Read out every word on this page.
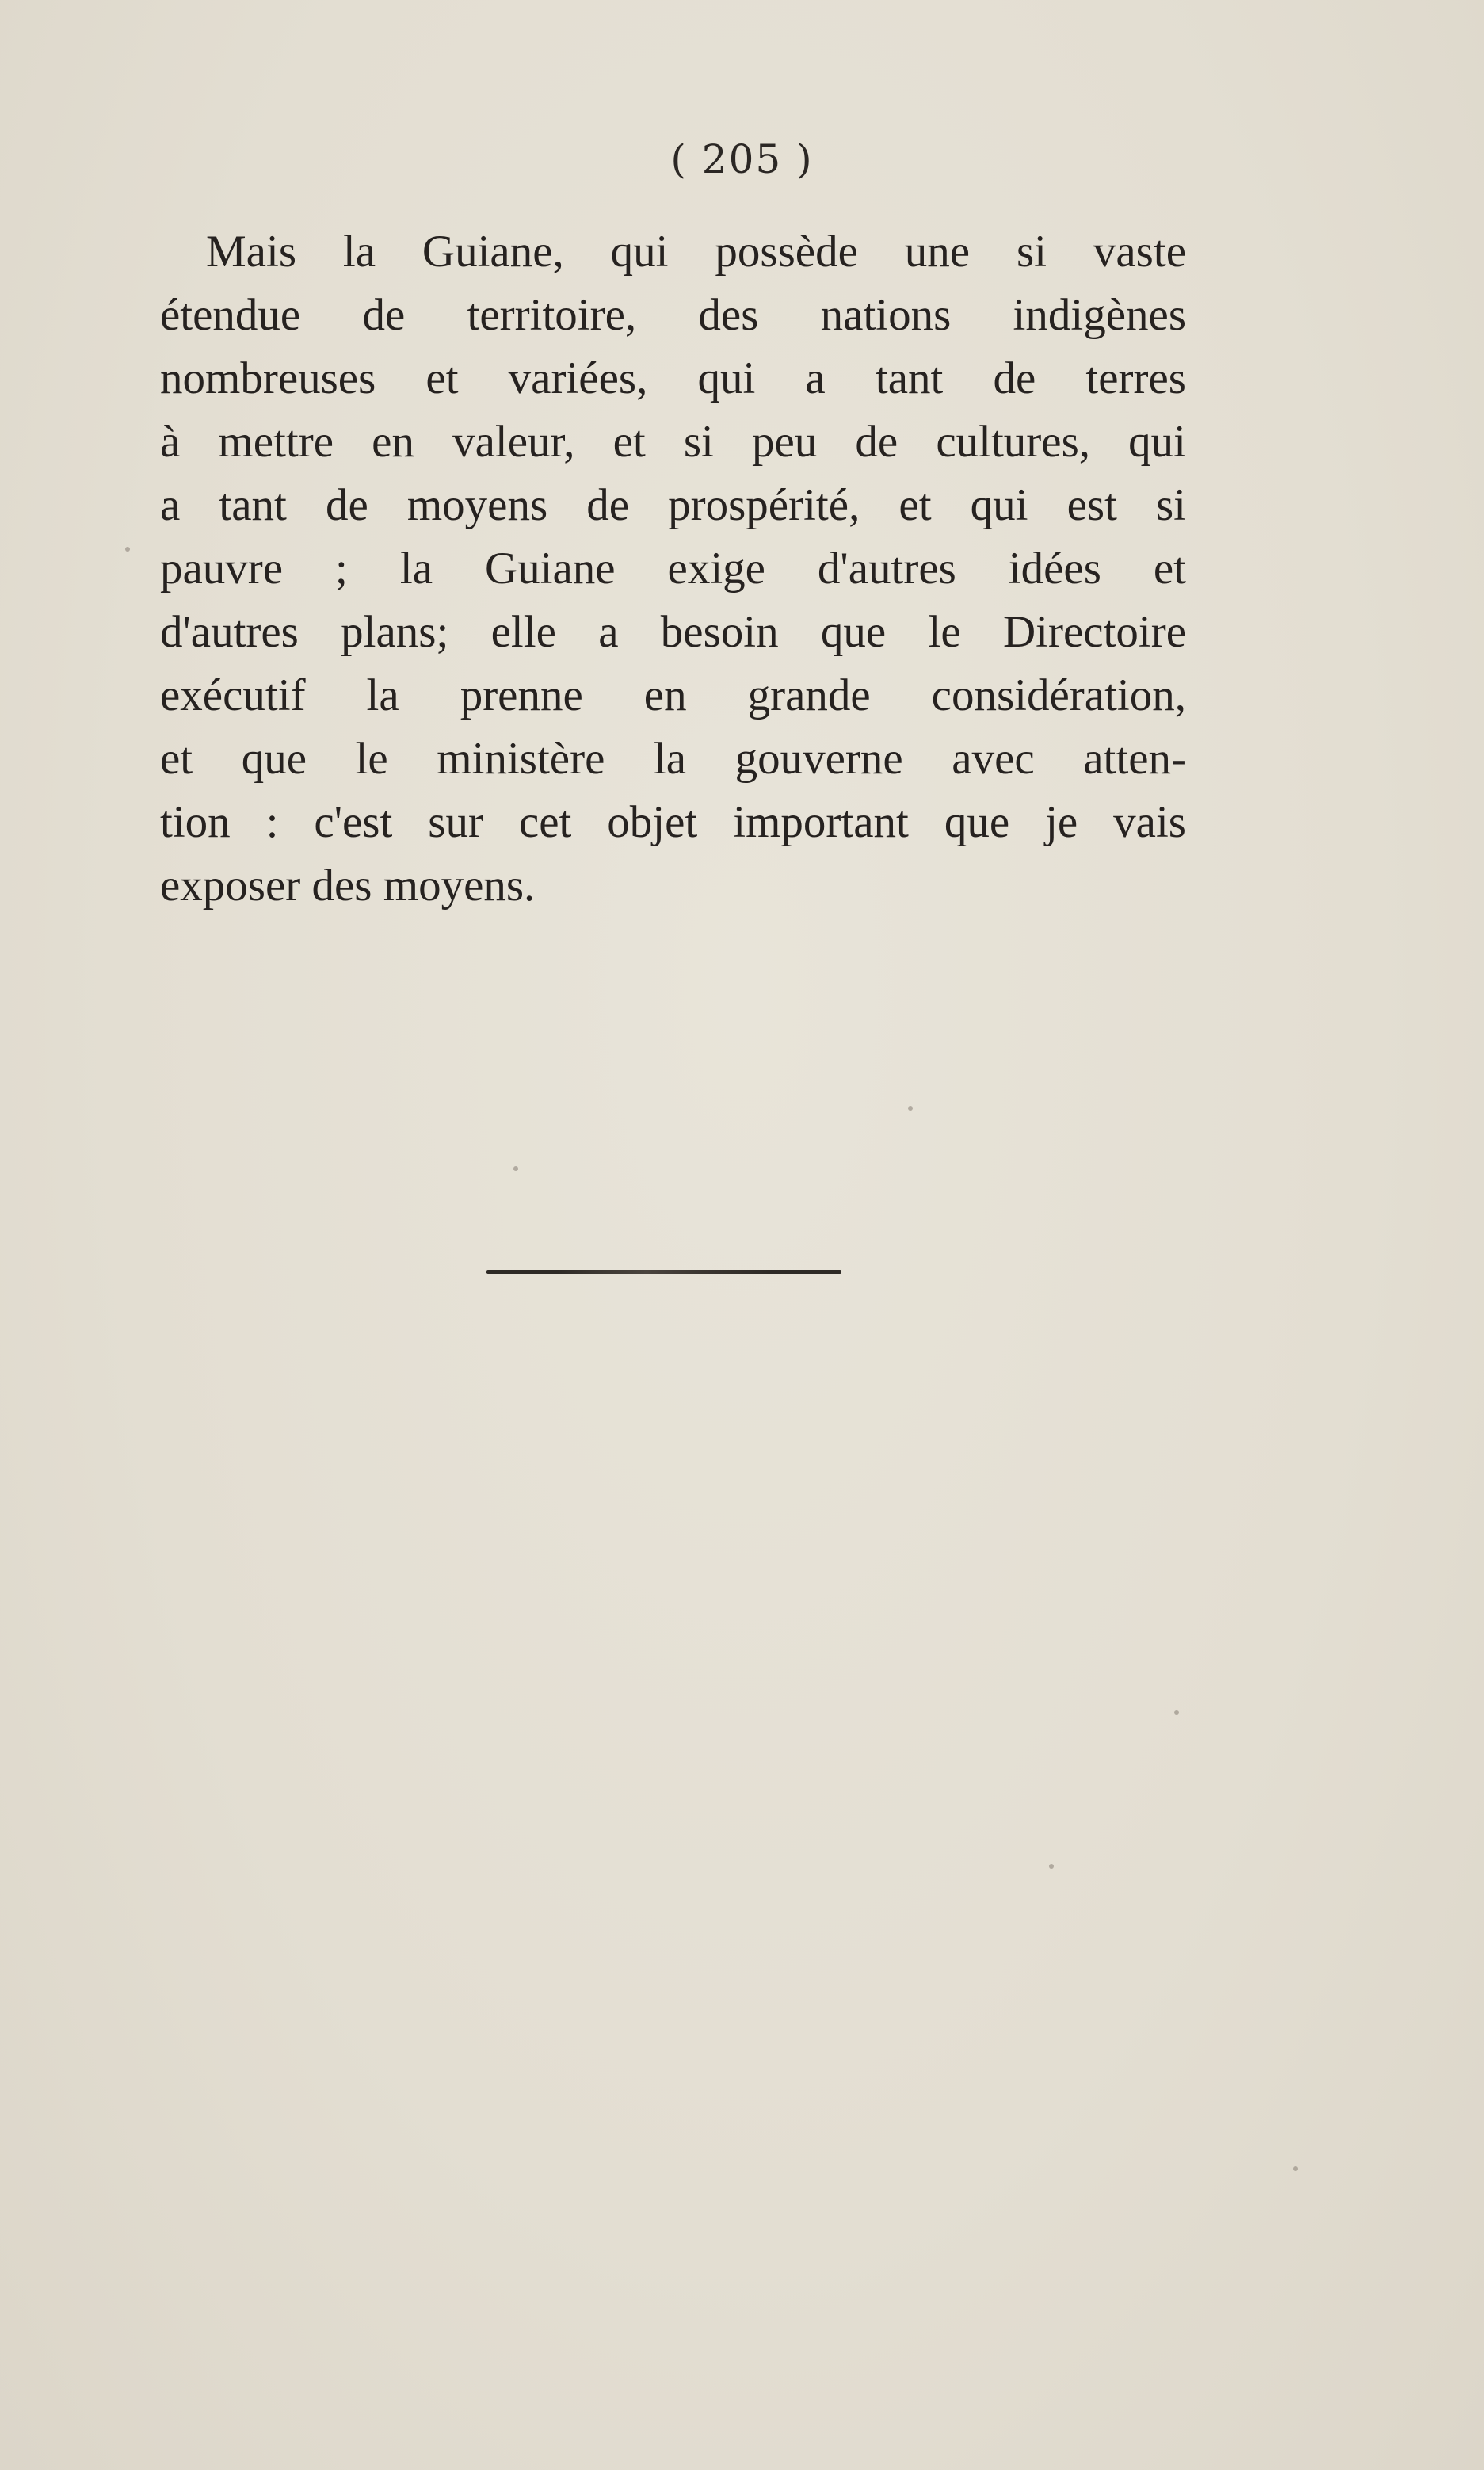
( 205 )
Mais la Guiane, qui possède une si vaste
étendue de territoire, des nations indigènes
nombreuses et variées, qui a tant de terres
à mettre en valeur, et si peu de cultures, qui
a tant de moyens de prospérité, et qui est si
pauvre ; la Guiane exige d'autres idées et
d'autres plans; elle a besoin que le Directoire
exécutif la prenne en grande considération,
et que le ministère la gouverne avec atten-
tion : c'est sur cet objet important que je vais
exposer des moyens.
